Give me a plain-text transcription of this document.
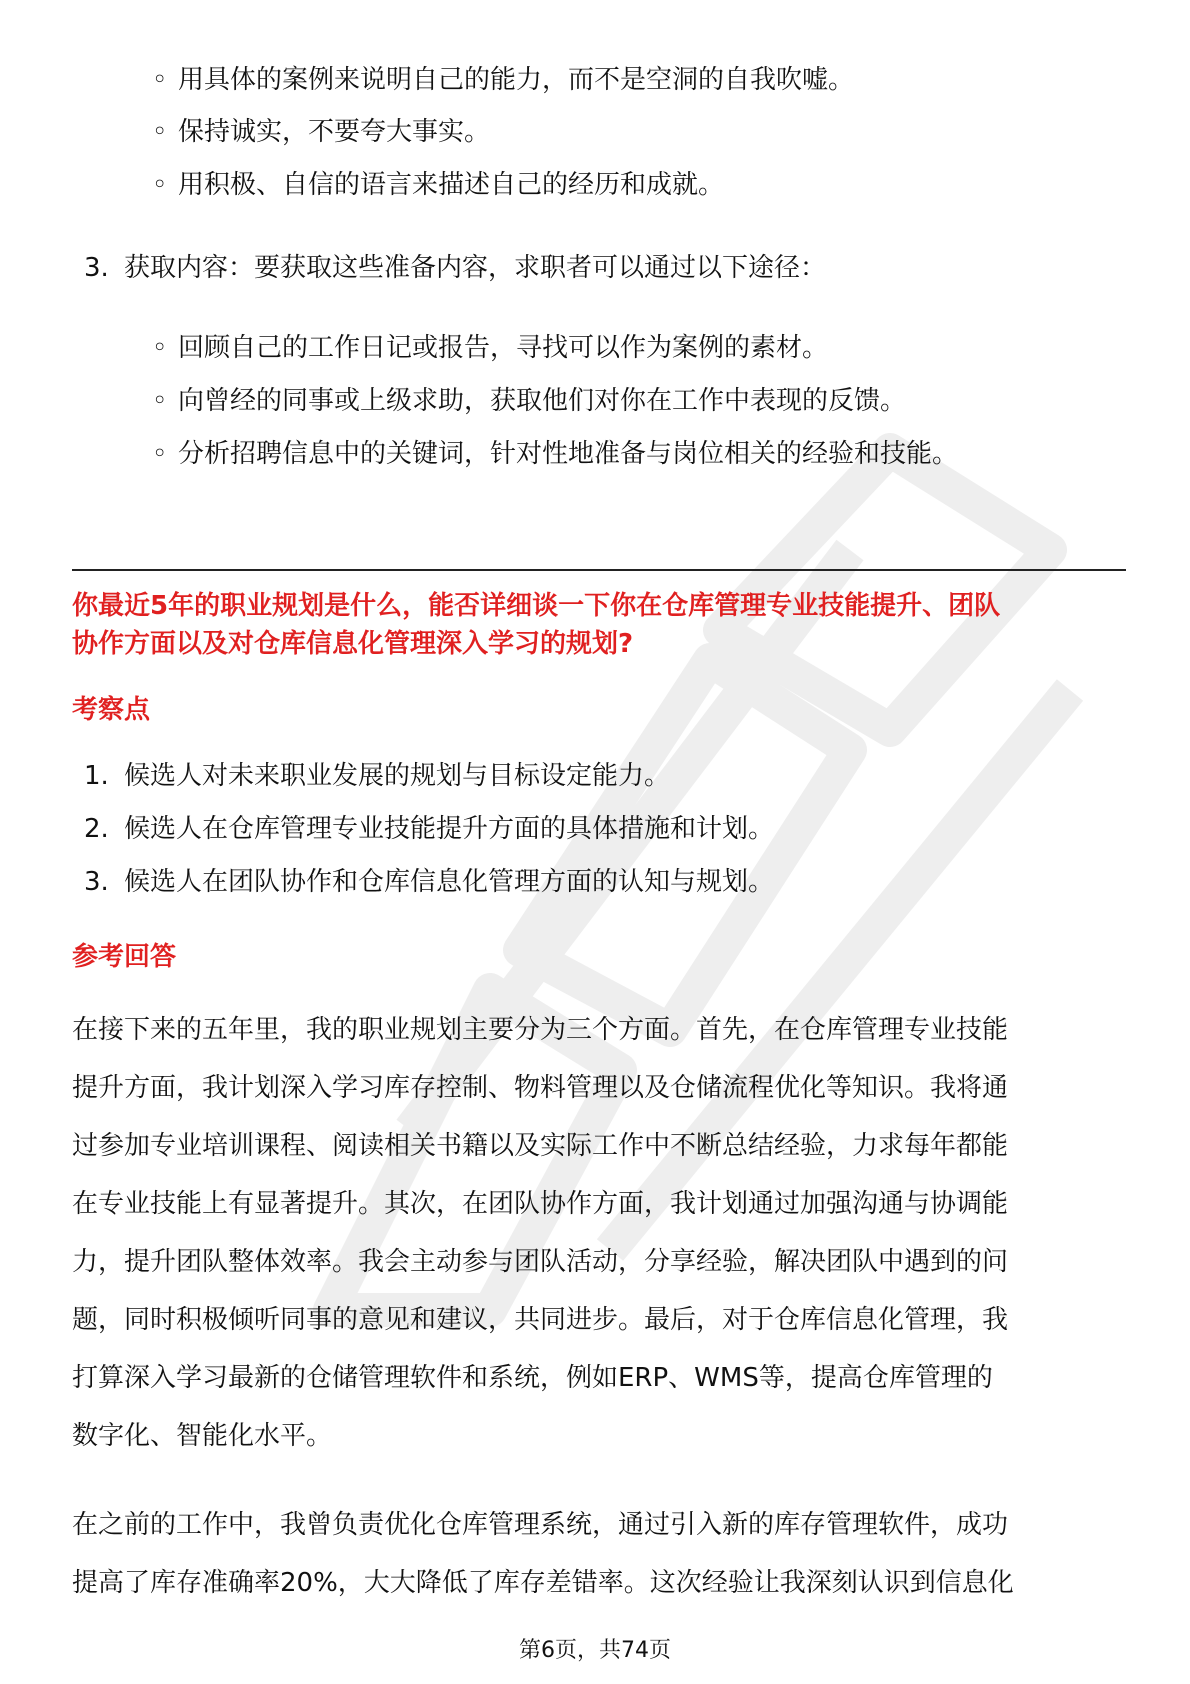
◦ 用具体的案例来说明自己的能力，而不是空洞的自我吹嘘。

◦ 保持诚实，不要夸大事实。

◦ 用积极、自信的语言来描述自己的经历和成就。

3. 获取内容：要获取这些准备内容，求职者可以通过以下途径：

◦ 回顾自己的工作日记或报告，寻找可以作为案例的素材。

◦ 向曾经的同事或上级求助，获取他们对你在工作中表现的反馈。

◦ 分析招聘信息中的关键词，针对性地准备与岗位相关的经验和技能。

你最近5年的职业规划是什么，能否详细谈一下你在仓库管理专业技能提升、团队

协作方面以及对仓库信息化管理深入学习的规划?

考察点

1. 候选人对未来职业发展的规划与目标设定能力。

2. 候选人在仓库管理专业技能提升方面的具体措施和计划。

3. 候选人在团队协作和仓库信息化管理方面的认知与规划。

参考回答

在接下来的五年里，我的职业规划主要分为三个方面。首先，在仓库管理专业技能

提升方面，我计划深入学习库存控制、物料管理以及仓储流程优化等知识。我将通

过参加专业培训课程、阅读相关书籍以及实际工作中不断总结经验，力求每年都能

在专业技能上有显著提升。其次，在团队协作方面，我计划通过加强沟通与协调能

力，提升团队整体效率。我会主动参与团队活动，分享经验，解决团队中遇到的问

题，同时积极倾听同事的意见和建议，共同进步。最后，对于仓库信息化管理，我

打算深入学习最新的仓储管理软件和系统，例如ERP、WMS等，提高仓库管理的

数字化、智能化水平。

在之前的工作中，我曾负责优化仓库管理系统，通过引入新的库存管理软件，成功

提高了库存准确率20%，大大降低了库存差错率。这次经验让我深刻认识到信息化

第6页，共74页
